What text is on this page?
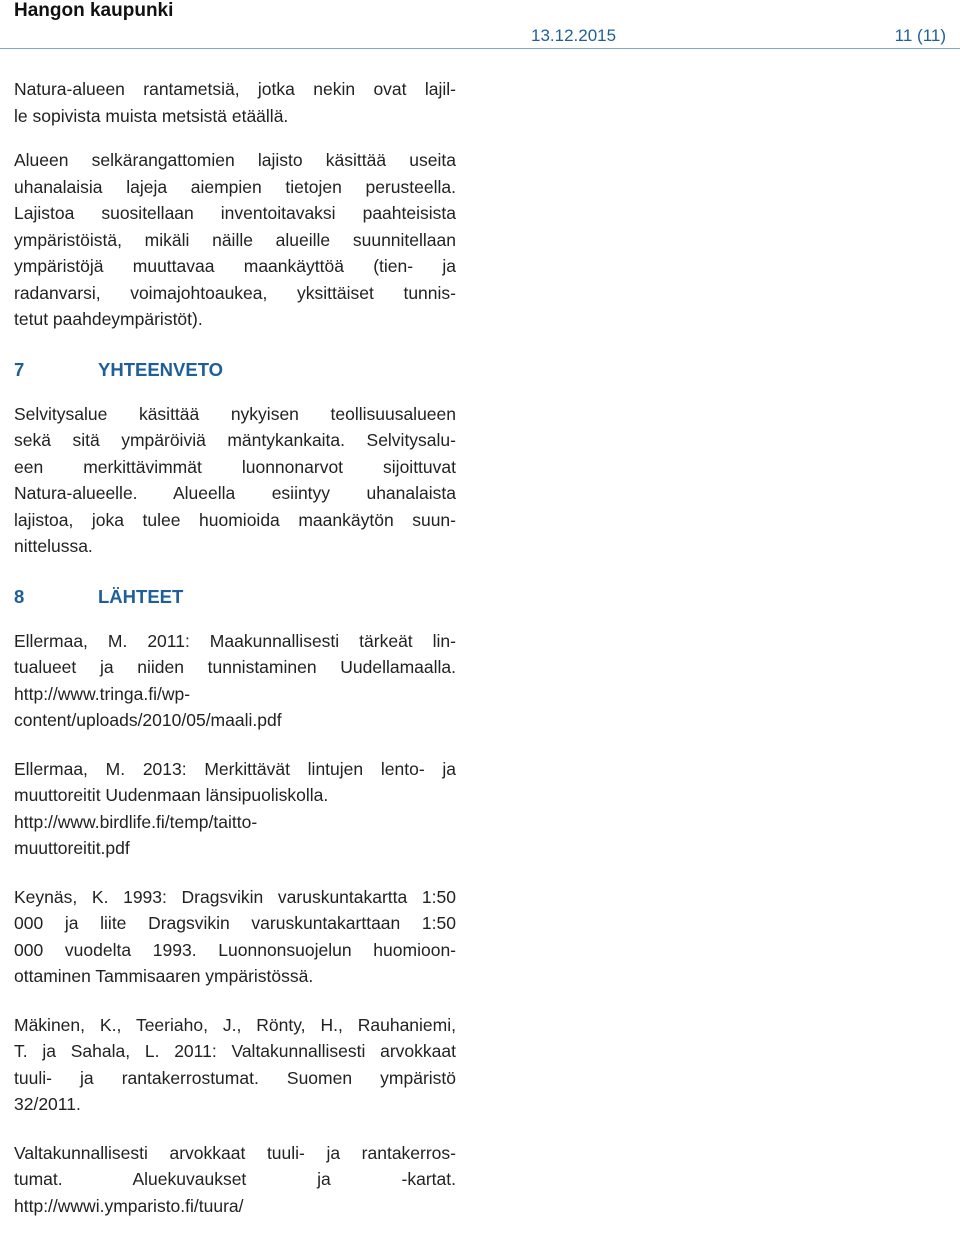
Hangon kaupunki
13.12.2015	11 (11)

Natura-alueen rantametsiä, jotka nekin ovat lajil-

le sopivista muista metsistä etäällä.

Alueen selkärangattomien lajisto käsittää useita

uhanalaisia lajeja aiempien tietojen perusteella.

Lajistoa suositellaan inventoitavaksi paahteisista

ympäristöistä, mikäli näille alueille suunnitellaan

ympäristöjä muuttavaa maankäyttöä (tien- ja

radanvarsi, voimajohtoaukea, yksittäiset tunnis-

tetut paahdeympäristöt).

7	YHTEENVETO

Selvitysalue käsittää nykyisen teollisuusalueen

sekä sitä ympäröiviä mäntykankaita. Selvitysalu-

een merkittävimmät luonnonarvot sijoittuvat

Natura-alueelle. Alueella esiintyy uhanalaista

lajistoa, joka tulee huomioida maankäytön suun-

nittelussa.

8	LÄHTEET

Ellermaa, M. 2011: Maakunnallisesti tärkeät lin-

tualueet ja niiden tunnistaminen Uudellamaalla.

http://www.tringa.fi/wp-

content/uploads/2010/05/maali.pdf

Ellermaa, M. 2013: Merkittävät lintujen lento- ja

muuttoreitit Uudenmaan länsipuoliskolla.

http://www.birdlife.fi/temp/taitto-

muuttoreitit.pdf

Keynäs, K. 1993: Dragsvikin varuskuntakartta 1:50

000 ja liite Dragsvikin varuskuntakarttaan 1:50

000 vuodelta 1993. Luonnonsuojelun huomioon-

ottaminen Tammisaaren ympäristössä.

Mäkinen, K., Teeriaho, J., Rönty, H., Rauhaniemi,

T. ja Sahala, L. 2011: Valtakunnallisesti arvokkaat

tuuli- ja rantakerrostumat. Suomen ympäristö

32/2011.

Valtakunnallisesti arvokkaat tuuli- ja rantakerros-

tumat. Aluekuvaukset ja -kartat.

http://wwwi.ymparisto.fi/tuura/
